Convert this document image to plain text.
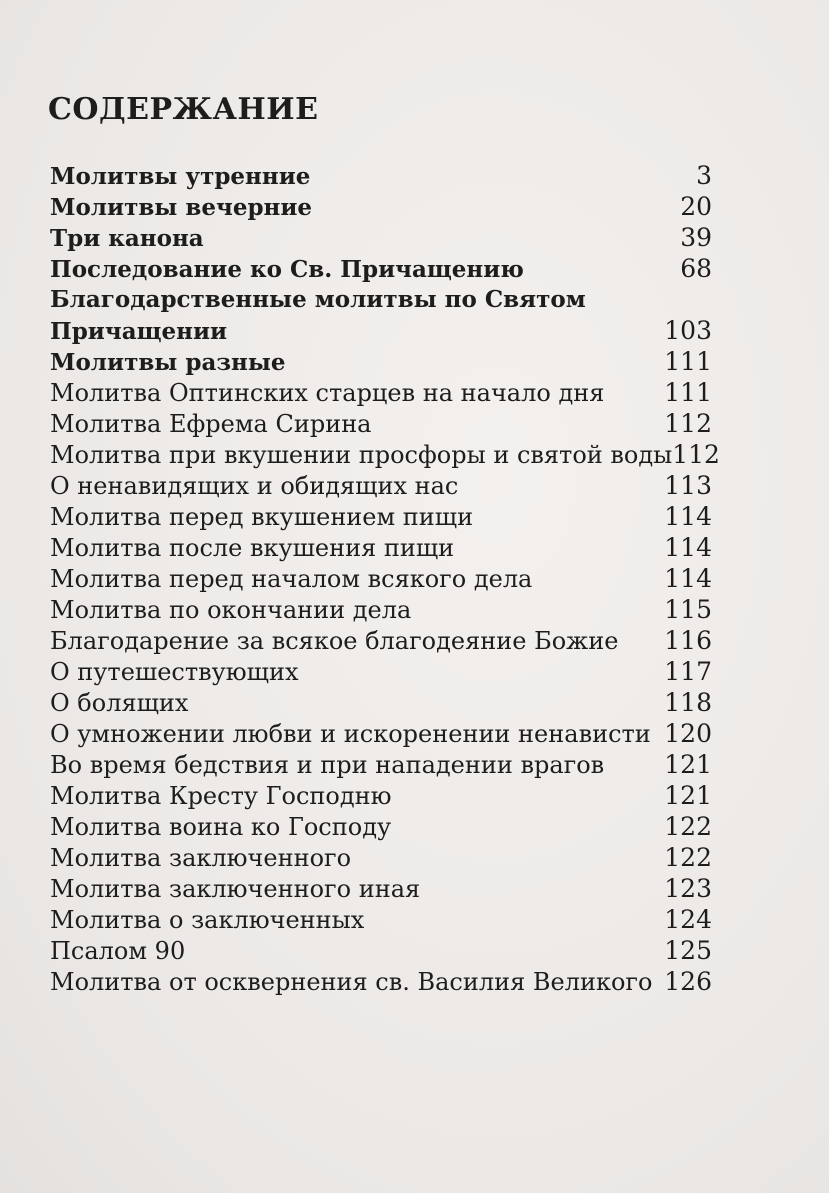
СОДЕРЖАНИЕ
Молитвы утренние	3
Молитвы вечерние	20
Три канона	39
Последование ко Св. Причащению	68
Благодарственные молитвы по Святом
Причащении	103
Молитвы разные	111
Молитва Оптинских старцев на начало дня	111
Молитва Ефрема Сирина	112
Молитва при вкушении просфоры и святой воды 112
О ненавидящих и обидящих нас	113
Молитва перед вкушением пищи	114
Молитва после вкушения пищи	114
Молитва перед началом всякого дела	114
Молитва по окончании дела	115
Благодарение за всякое благодеяние Божие	116
О путешествующих	117
О болящих	118
О умножении любви и искоренении ненависти 120
Во время бедствия и при нападении врагов	121
Молитва Кресту Господню	121
Молитва воина ко Господу	122
Молитва заключенного	122
Молитва заключенного иная	123
Молитва о заключенных	124
Псалом 90	125
Молитва от осквернения св. Василия Великого 126
